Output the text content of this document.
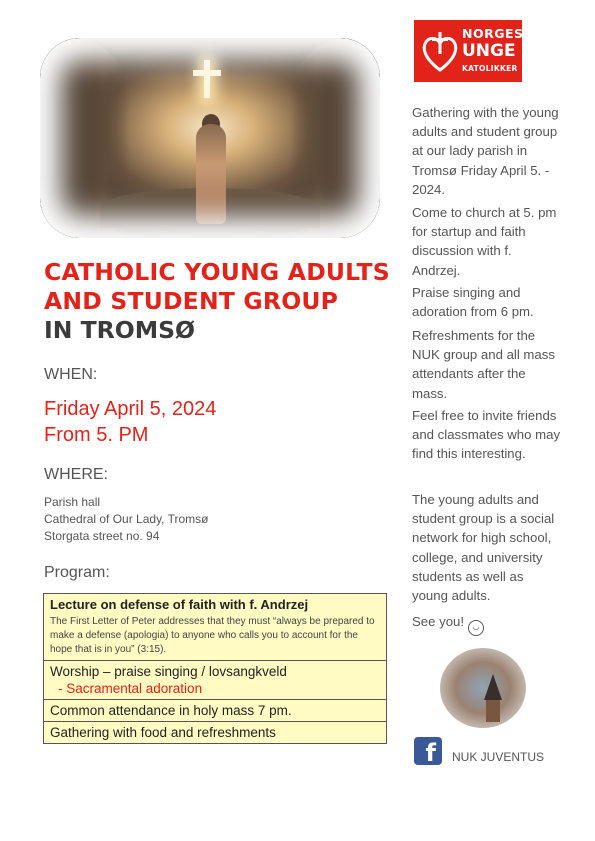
CATHOLIC YOUNG ADULTS
AND STUDENT GROUP
IN TROMSØ
WHEN:
Friday April 5, 2024
From 5. PM
WHERE:
Parish hall
Cathedral of Our Lady, Tromsø
Storgata street no. 94
Program:
Lecture on defense of faith with f. Andrzej
The First Letter of Peter addresses that they must “always be prepared to make a defense (apologia) to anyone who calls you to account for the hope that is in you” (3:15).

Worship – praise singing / lovsangkveld
- Sacramental adoration

Common attendance in holy mass 7 pm.
Gathering with food and refreshments
NORGES
UNGE
KATOLIKKER
Gathering with the young adults and student group at our lady parish in Tromsø Friday April 5. - 2024.
Come to church at 5. pm for startup and faith discussion with f. Andrzej.
Praise singing and adoration from 6 pm.
Refreshments for the NUK group and all mass attendants after the mass.
Feel free to invite friends and classmates who may find this interesting.
The young adults and student group is a social network for high school, college, and university students as well as young adults.
See you! ◡
f	NUK JUVENTUS
